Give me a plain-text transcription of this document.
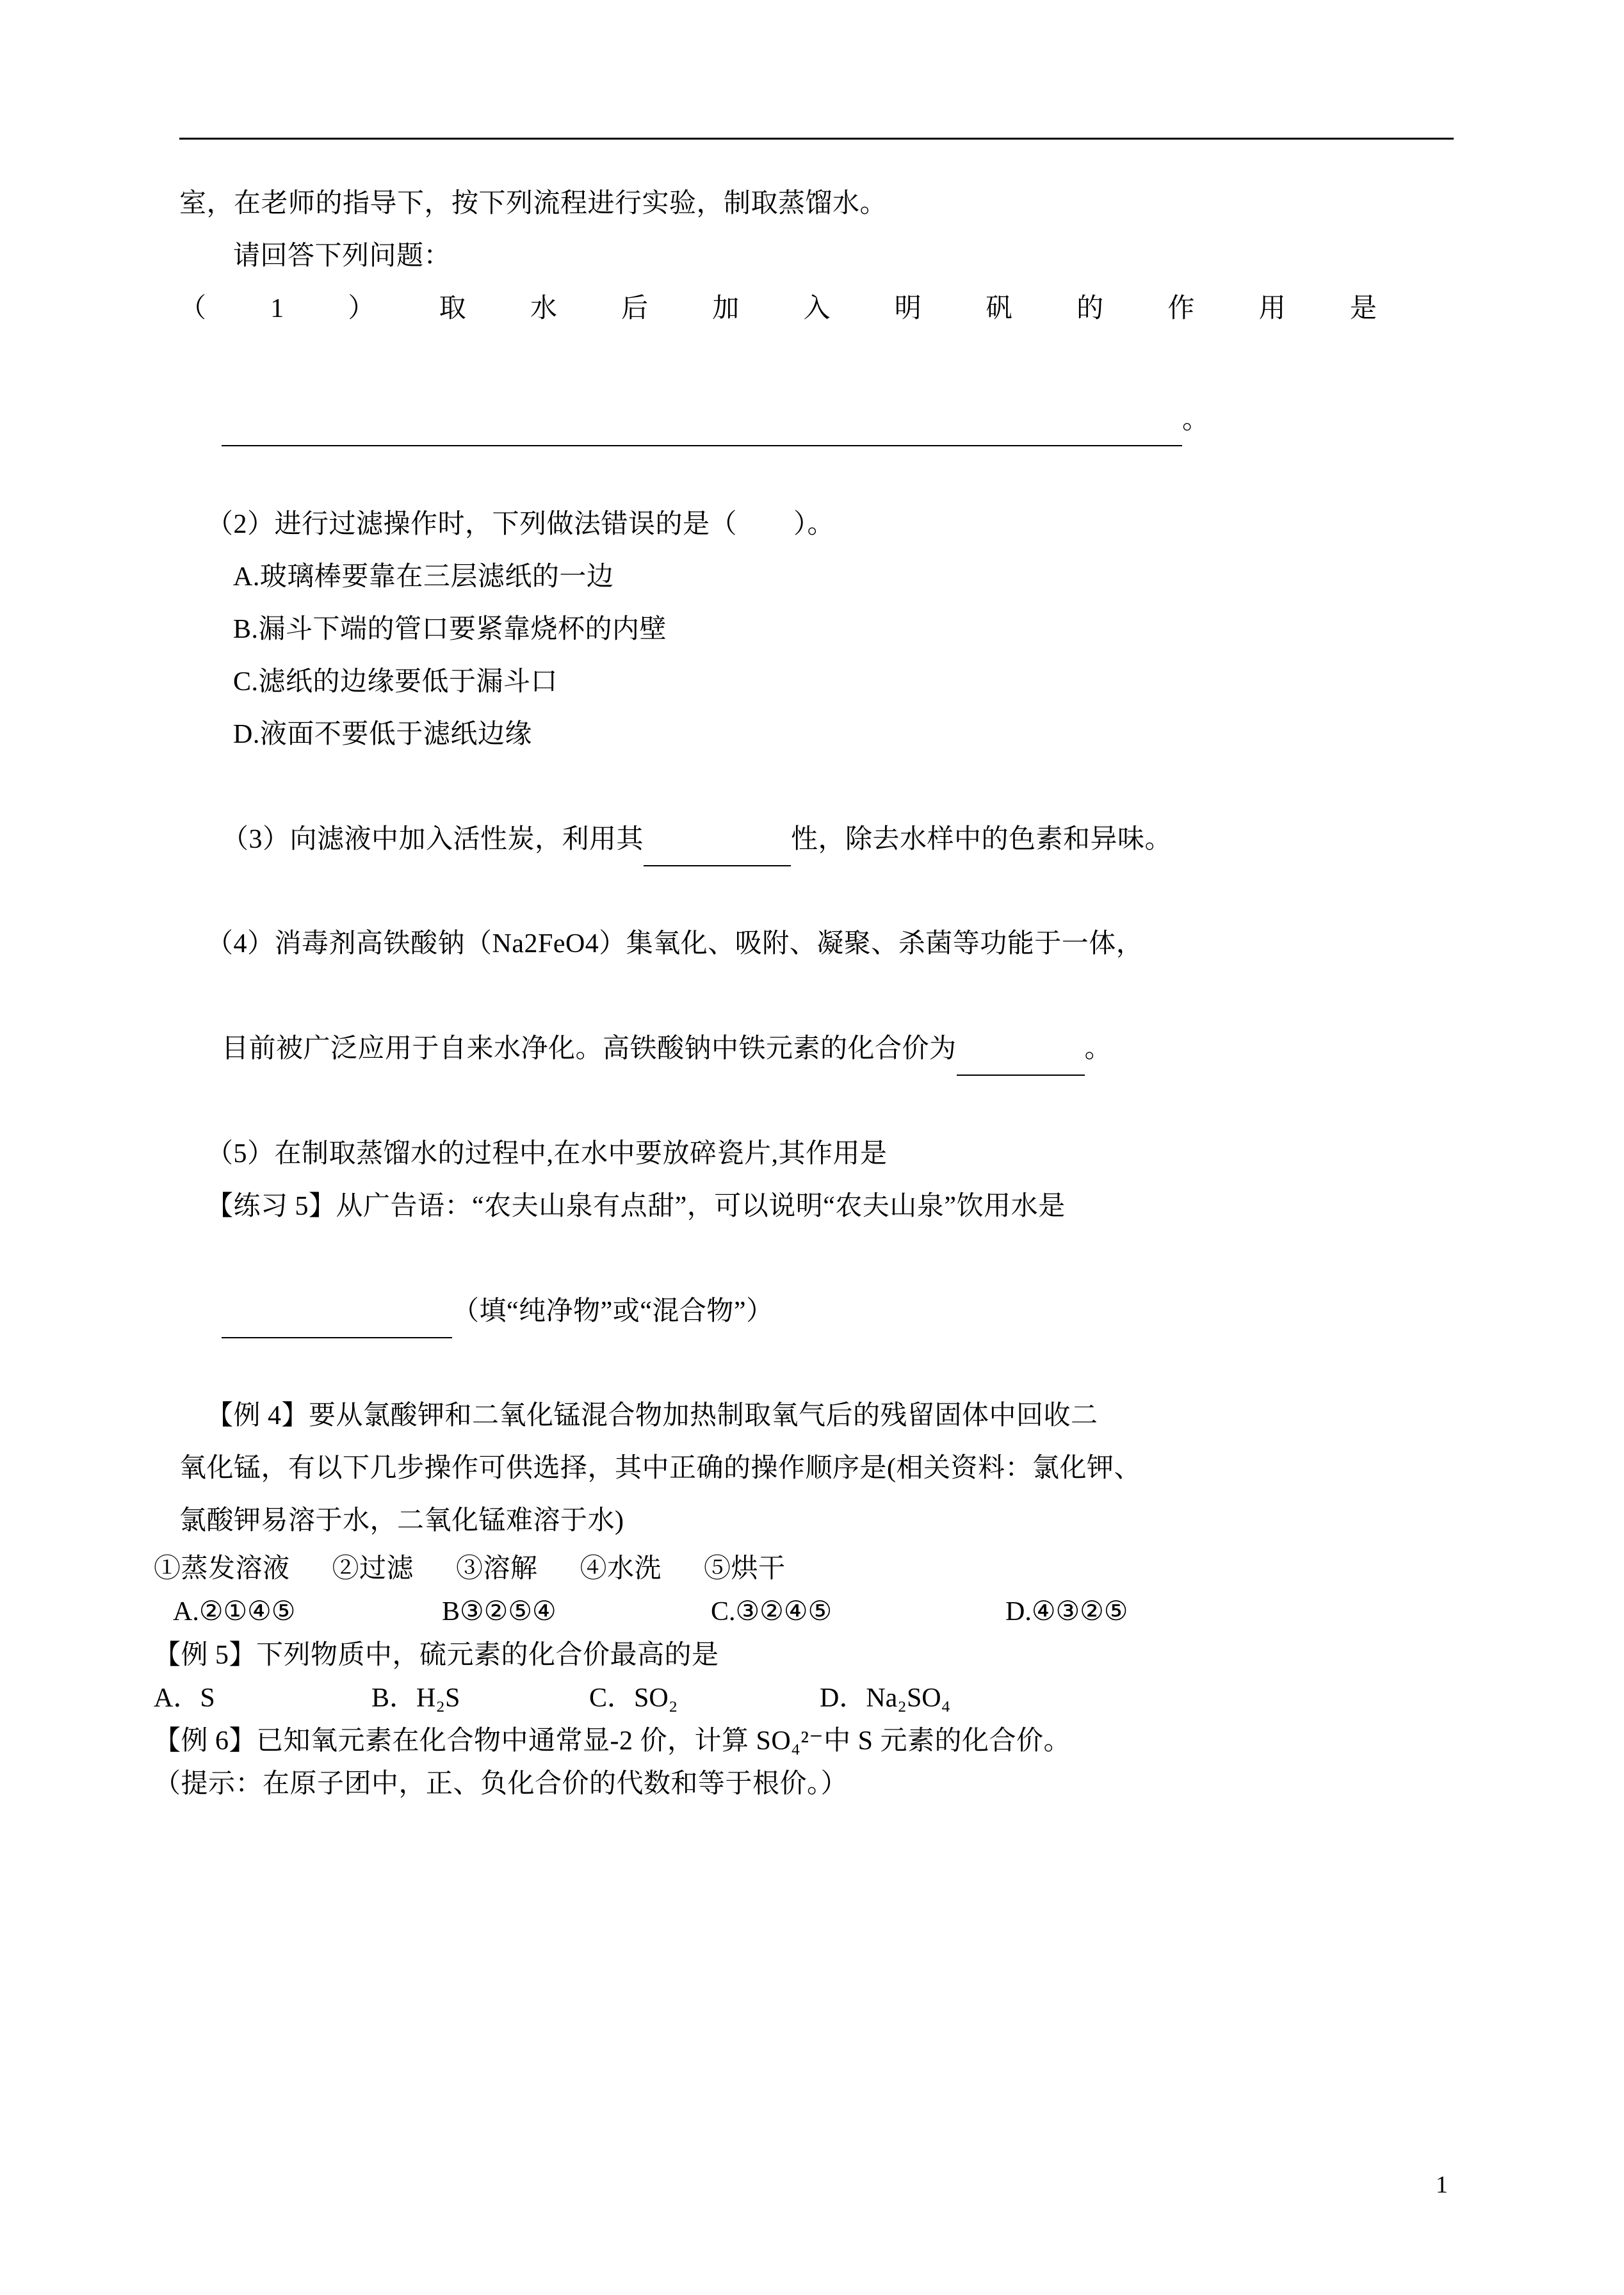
室，在老师的指导下，按下列流程进行实验，制取蒸馏水。
请回答下列问题：
（ 1 ） 取 水 后 加 入 明 矾 的 作 用 是

。

（2）进行过滤操作时，下列做法错误的是（        ）。
A.玻璃棒要靠在三层滤纸的一边
B.漏斗下端的管口要紧靠烧杯的内壁
C.滤纸的边缘要低于漏斗口
D.液面不要低于滤纸边缘

（3）向滤液中加入活性炭，利用其	性，除去水样中的色素和异味。

（4）消毒剂高铁酸钠（Na2FeO4）集氧化、吸附、凝聚、杀菌等功能于一体，

目前被广泛应用于自来水净化。高铁酸钠中铁元素的化合价为	。

（5）在制取蒸馏水的过程中,在水中要放碎瓷片,其作用是
【练习 5】从广告语：“农夫山泉有点甜”，可以说明“农夫山泉”饮用水是

（填“纯净物”或“混合物”）

【例 4】要从氯酸钾和二氧化锰混合物加热制取氧气后的残留固体中回收二
氧化锰，有以下几步操作可供选择，其中正确的操作顺序是(相关资料：氯化钾、
氯酸钾易溶于水，二氧化锰难溶于水)
①蒸发溶液      ②过滤      ③溶解      ④水洗      ⑤烘干
A.②①④⑤	B③②⑤④	C.③②④⑤	D.④③②⑤
【例 5】下列物质中，硫元素的化合价最高的是
A．S	B．H₂S	C．SO₂	D．Na₂SO₄
【例 6】已知氧元素在化合物中通常显-2 价，计算 SO₄²⁻中 S 元素的化合价。
（提示：在原子团中，正、负化合价的代数和等于根价。）
1
